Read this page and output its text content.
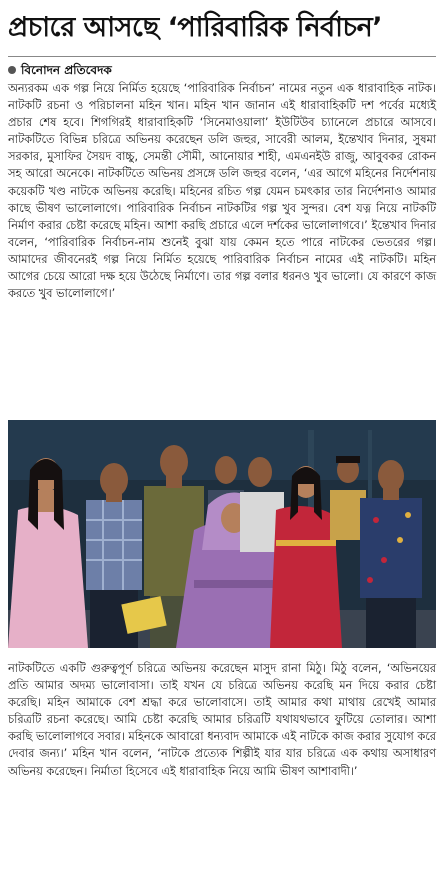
প্রচারে আসছে ‘পারিবারিক নির্বাচন’
বিনোদন প্রতিবেদক

অন্যরকম এক গল্প নিয়ে নির্মিত হয়েছে ‘পারিবারিক নির্বাচন’ নামের নতুন এক ধারাবাহিক নাটক। নাটকটি রচনা ও পরিচালনা মহিন খান। মহিন খান জানান এই ধারাবাহিকটি দশ পর্বের মধ্যেই প্রচার শেষ হবে। শিগগিরই ধারাবাহিকটি ‘সিনেমাওয়ালা’ ইউটিউব চ্যানেলে প্রচারে আসবে। নাটকটিতে বিভিন্ন চরিত্রে অভিনয় করেছেন ডলি জহুর, সাবেরী আলম, ইন্তেখাব দিনার, সুষমা সরকার, মুসাফির সৈয়দ বাচ্চু, সেমন্তী সৌমী, আনোয়ার শাহী, এমএনইউ রাজু, আবুবকর রোকন সহ আরো অনেকে। নাটকটিতে অভিনয় প্রসঙ্গে ডলি জহুর বলেন, ‘এর আগে মহিনের নির্দেশনায় কয়েকটি খণ্ড নাটকে অভিনয় করেছি। মহিনের রচিত গল্প যেমন চমৎকার তার নির্দেশনাও আমার কাছে ভীষণ ভালোলাগে। পারিবারিক নির্বাচন নাটকটির গল্প খুব সুন্দর। বেশ যত্ন নিয়ে নাটকটি নির্মাণ করার চেষ্টা করেছে মহিন। আশা করছি প্রচারে এলে দর্শকের ভালোলাগবে।’ ইন্তেখাব দিনার বলেন, ‘পারিবারিক নির্বাচন-নাম শুনেই বুঝা যায় কেমন হতে পারে নাটকের ভেতরের গল্প। আমাদের জীবনেরই গল্প নিয়ে নির্মিত হয়েছে পারিবারিক নির্বাচন নামের এই নাটকটি। মহিন আগের চেয়ে আরো দক্ষ হয়ে উঠেছে নির্মাণে। তার গল্প বলার ধরনও খুব ভালো। যে কারণে কাজ করতে খুব ভালোলাগে।’

নাটকটিতে একটি গুরুত্বপূর্ণ চরিত্রে অভিনয় করেছেন মাসুদ রানা মিঠু। মিঠু বলেন, ‘অভিনয়ের প্রতি আমার অদম্য ভালোবাসা। তাই যখন যে চরিত্রে অভিনয় করেছি মন দিয়ে করার চেষ্টা করেছি। মহিন আমাকে বেশ শ্রদ্ধা করে ভালোবাসে। তাই আমার কথা মাথায় রেখেই আমার চরিত্রটি রচনা করেছে। আমি চেষ্টা করেছি আমার চরিত্রটি যথাযথভাবে ফুটিয়ে তোলার। আশা করছি ভালোলাগবে সবার। মহিনকে আবারো ধন্যবাদ আমাকে এই নাটকে কাজ করার সুযোগ করে দেবার জন্য।’ মহিন খান বলেন, ‘নাটকে প্রত্যেক শিল্পীই যার যার চরিত্রে এক কথায় অসাধারণ অভিনয় করেছেন। নির্মাতা হিসেবে এই ধারাবাহিক নিয়ে আমি ভীষণ আশাবাদী।’
